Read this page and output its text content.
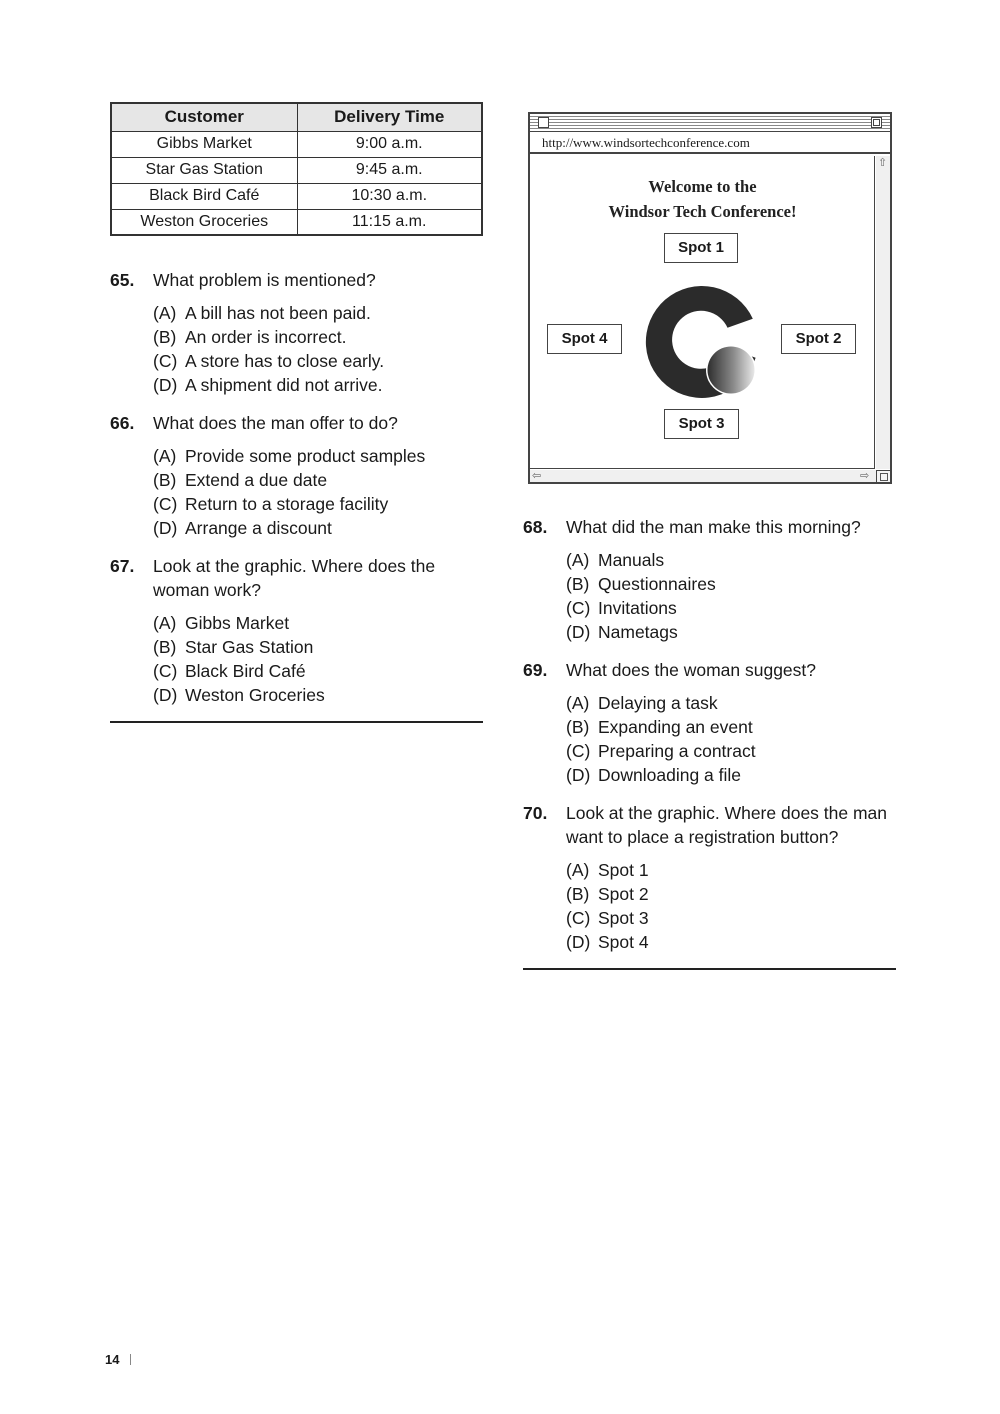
Customer	Delivery Time
Gibbs Market	9:00 a.m.
Star Gas Station	9:45 a.m.
Black Bird Café	10:30 a.m.
Weston Groceries	11:15 a.m.
65.	What problem is mentioned?
(A) A bill has not been paid.
(B) An order is incorrect.
(C) A store has to close early.
(D) A shipment did not arrive.
66.	What does the man offer to do?
(A) Provide some product samples
(B) Extend a due date
(C) Return to a storage facility
(D) Arrange a discount
67.	Look at the graphic. Where does the woman work?
(A) Gibbs Market
(B) Star Gas Station
(C) Black Bird Café
(D) Weston Groceries
http://www.windsortechconference.com
Welcome to the
Windsor Tech Conference!
Spot 1
Spot 2
Spot 3
Spot 4
⇧
⇦	⇨
68.	What did the man make this morning?
(A) Manuals
(B) Questionnaires
(C) Invitations
(D) Nametags
69.	What does the woman suggest?
(A) Delaying a task
(B) Expanding an event
(C) Preparing a contract
(D) Downloading a file
70.	Look at the graphic. Where does the man want to place a registration button?
(A) Spot 1
(B) Spot 2
(C) Spot 3
(D) Spot 4
14
